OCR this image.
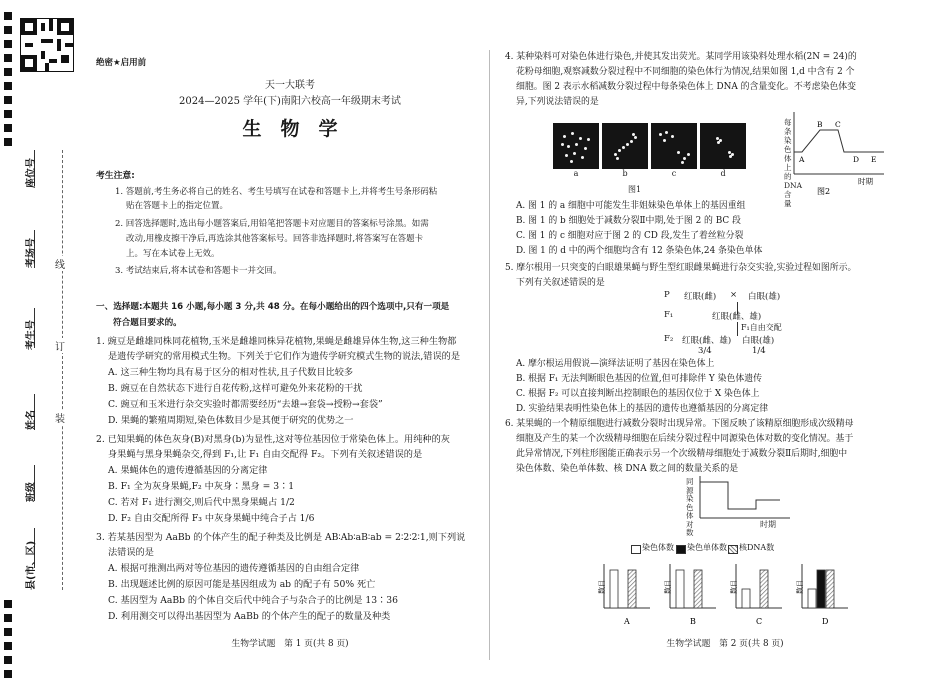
座位号
考场号
考生号
姓名
班级
县(市、区)
线
订
装
绝密★启用前
天一大联考
2024—2025 学年(下)南阳六校高一年级期末考试
生　物　学
考生注意:
1. 答题前,考生务必将自己的姓名、考生号填写在试卷和答题卡上,并将考生号条形码粘
贴在答题卡上的指定位置。
2. 回答选择题时,选出每小题答案后,用铅笔把答题卡对应题目的答案标号涂黑。如需
改动,用橡皮擦干净后,再选涂其他答案标号。回答非选择题时,将答案写在答题卡
上。写在本试卷上无效。
3. 考试结束后,将本试卷和答题卡一并交回。
一、选择题:本题共 16 小题,每小题 3 分,共 48 分。在每小题给出的四个选项中,只有一项是
符合题目要求的。
1. 豌豆是雌雄同株同花植物,玉米是雌雄同株异花植物,果蝇是雌雄异体生物,这三种生物都
是遗传学研究的常用模式生物。下列关于它们作为遗传学研究模式生物的说法,错误的是
A. 这三种生物均具有易于区分的相对性状,且子代数目比较多
B. 豌豆在自然状态下进行自花传粉,这样可避免外来花粉的干扰
C. 豌豆和玉米进行杂交实验时都需要经历“去雄→套袋→授粉→套袋”
D. 果蝇的繁殖周期短,染色体数目少是其便于研究的优势之一
2. 已知果蝇的体色灰身(B)对黑身(b)为显性,这对等位基因位于常染色体上。用纯种的灰
身果蝇与黑身果蝇杂交,得到 F₁,让 F₁ 自由交配得 F₂。下列有关叙述错误的是
A. 果蝇体色的遗传遵循基因的分离定律
B. F₁ 全为灰身果蝇,F₂ 中灰身∶黑身 = 3∶1
C. 若对 F₁ 进行测交,则后代中黑身果蝇占 1/2
D. F₂ 自由交配所得 F₃ 中灰身果蝇中纯合子占 1/6
3. 若某基因型为 AaBb 的个体产生的配子种类及比例是 AB∶Ab∶aB∶ab = 2∶2∶2∶1,则下列说
法错误的是
A. 根据可推测出两对等位基因的遗传遵循基因的自由组合定律
B. 出现题述比例的原因可能是基因组成为 ab 的配子有 50% 死亡
C. 基因型为 AaBb 的个体自交后代中纯合子与杂合子的比例是 13∶36
D. 利用测交可以得出基因型为 AaBb 的个体产生的配子的数量及种类
生物学试题　第 1 页(共 8 页)
4. 某种染料可对染色体进行染色,并使其发出荧光。某同学用该染料处理水稻(2N = 24)的
花粉母细胞,观察减数分裂过程中不同细胞的染色体行为情况,结果如图 1,d 中含有 2 个
细胞。图 2 表示水稻减数分裂过程中每条染色体上 DNA 的含量变化。不考虑染色体变
异,下列说法错误的是
a	b	c	d
图1
A
B C
D E
时期
图2
每条染色体上的DNA含量
A. 图 1 的 a 细胞中可能发生非姐妹染色单体上的基因重组
B. 图 1 的 b 细胞处于减数分裂Ⅱ中期,处于图 2 的 BC 段
C. 图 1 的 c 细胞对应于图 2 的 CD 段,发生了着丝粒分裂
D. 图 1 的 d 中的两个细胞均含有 12 条染色体,24 条染色单体
5. 摩尔根用一只突变的白眼雄果蝇与野生型红眼雌果蝇进行杂交实验,实验过程如图所示。
下列有关叙述错误的是
P 红眼(雌) × 白眼(雄)
F₁	红眼(雌、雄)
F₁自由交配
F₂ 红眼(雌、雄) 白眼(雄)
3/4	1/4
A. 摩尔根运用假说—演绎法证明了基因在染色体上
B. 根据 F₁ 无法判断眼色基因的位置,但可排除伴 Y 染色体遗传
C. 根据 F₂ 可以直接判断出控制眼色的基因仅位于 X 染色体上
D. 实验结果表明性染色体上的基因的遗传也遵循基因的分离定律
6. 某果蝇的一个精原细胞进行减数分裂时出现异常。下图反映了该精原细胞形成次级精母
细胞及产生的某一个次级精母细胞在后续分裂过程中同源染色体对数的变化情况。基于
此异常情况,下列柱形图能正确表示另一个次级精母细胞处于减数分裂Ⅱ后期时,细胞中
染色体数、染色单体数、核 DNA 数之间的数量关系的是
同源染色体对数
时期
染色体数 染色单体数 核DNA数
数目
A
数目
B
数目
C
数目
D
生物学试题　第 2 页(共 8 页)
